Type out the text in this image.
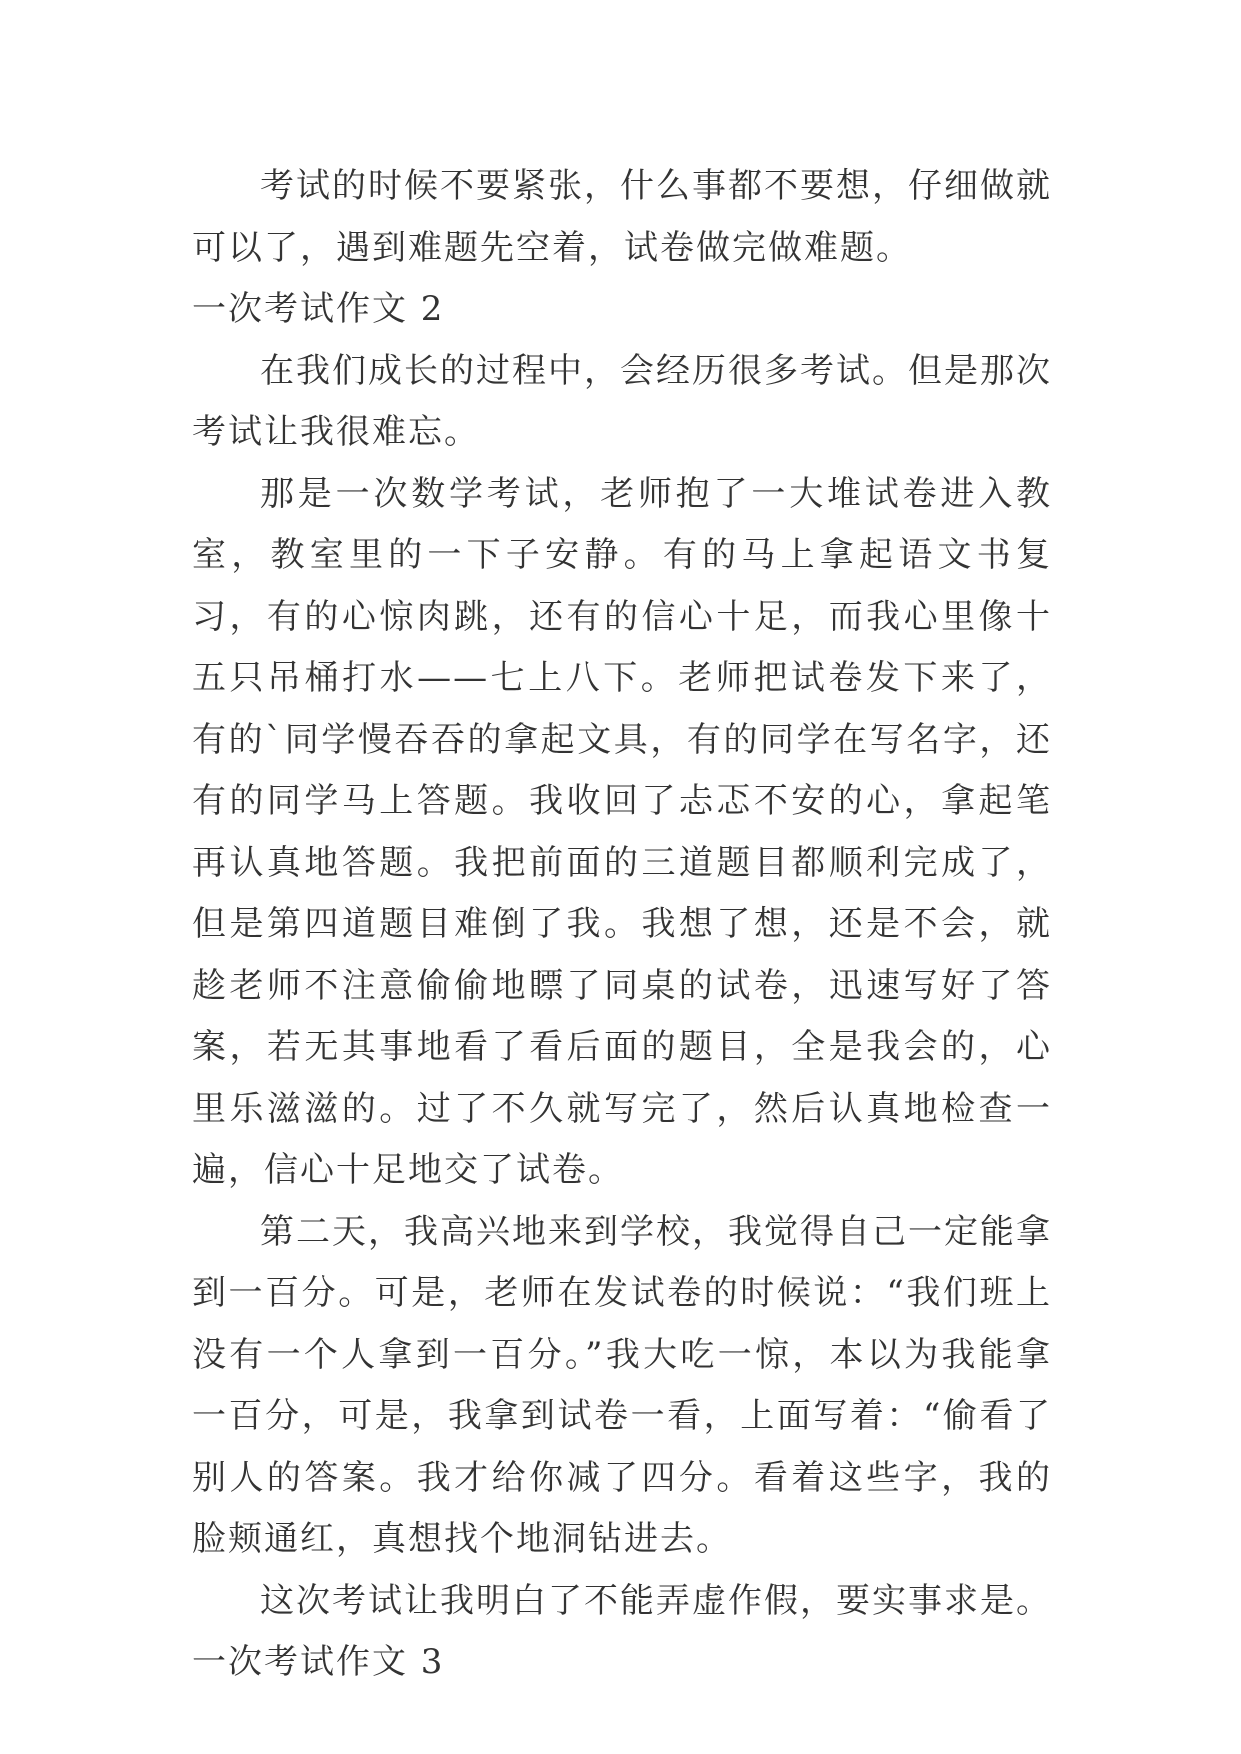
考试的时候不要紧张，什么事都不要想，仔细做就可以了，遇到难题先空着，试卷做完做难题。

一次考试作文 2

在我们成长的过程中，会经历很多考试。但是那次考试让我很难忘。

那是一次数学考试，老师抱了一大堆试卷进入教室，教室里的一下子安静。有的马上拿起语文书复习，有的心惊肉跳，还有的信心十足，而我心里像十五只吊桶打水——七上八下。老师把试卷发下来了，有的`同学慢吞吞的拿起文具，有的同学在写名字，还有的同学马上答题。我收回了忐忑不安的心，拿起笔再认真地答题。我把前面的三道题目都顺利完成了，但是第四道题目难倒了我。我想了想，还是不会，就趁老师不注意偷偷地瞟了同桌的试卷，迅速写好了答案，若无其事地看了看后面的题目，全是我会的，心里乐滋滋的。过了不久就写完了，然后认真地检查一遍，信心十足地交了试卷。

第二天，我高兴地来到学校，我觉得自己一定能拿到一百分。可是，老师在发试卷的时候说：“我们班上没有一个人拿到一百分。”我大吃一惊，本以为我能拿一百分，可是，我拿到试卷一看，上面写着：“偷看了别人的答案。我才给你减了四分。看着这些字，我的脸颊通红，真想找个地洞钻进去。

这次考试让我明白了不能弄虚作假，要实事求是。

一次考试作文 3
